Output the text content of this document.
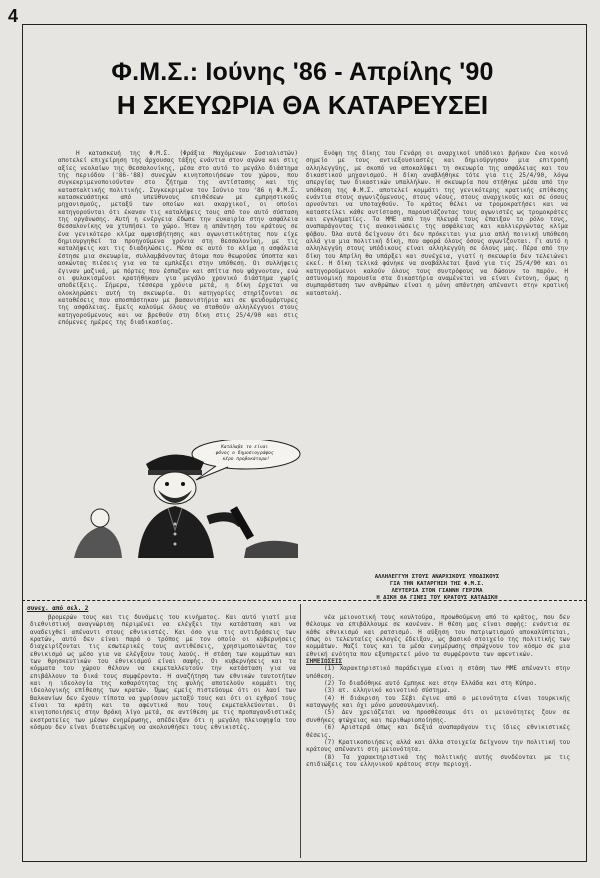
4
Φ.Μ.Σ.: Ιούνης '86 - Απρίλης '90
Η ΣΚΕΥΩΡΙΑ ΘΑ ΚΑΤΑΡΕΥΣΕΙ

Η κατασκευή της Φ.Μ.Σ. (Φράξια Μαχόμενων Σοσιαλιστών) αποτελεί επιχείρηση της άρχουσας τάξης ενάντια στον αγώνα και στις αξίες νεολαίων της Θεσσαλονίκης, μέσα στο αυτό το μεγάλο διάστημα της περιόδου ('86-'88) συνεχών κινητοποιήσεων του χώρου, που συγκεκριμενοποιούνταν στο ζήτημα της αντίστασης και της κατασταλτικής πολιτικής. Συγκεκριμένα τον Ιούνιο του '86 η Φ.Μ.Σ. κατασκευάστηκε από υπεύθυνους επιθέσεων με εμπρηστικούς μηχανισμούς, μεταξύ των οποίων και ακαρχικοί, οι οποίοι κατηγορούνται ότι έκαναν τις καταλήψεις τους από τον αυτό σύσταση της οργάνωσης. Αυτή η ενέργεια έδωσε την ευκαιρία στην ασφάλεια Θεσσαλονίκης να χτυπήσει το χώρο. Ήταν η απάντηση του κράτους σε ένα γενικότερο κλίμα αμφισβήτησης και αγωνιστικότητας που είχε δημιουργηθεί τα προηγούμενα χρόνια στη Θεσσαλονίκη, με τις καταλήψεις και τις διαδηλώσεις. Μέσα σε αυτό το κλίμα η ασφάλεια έστησε μια σκευωρία, συλλαμβάνοντας άτομα που θεωρούσε ύποπτα και ασκώντας πιέσεις για να τα εμπλέξει στην υπόθεση. Οι συλλήψεις έγιναν μαζικά, με πόρτες που έσπαζαν και σπίτια που ψάχνονταν, ενώ οι φυλακισμένοι κρατήθηκαν για μεγάλο χρονικό διάστημα χωρίς αποδείξεις. Σήμερα, τέσσερα χρόνια μετά, η δίκη έρχεται να ολοκληρώσει αυτή τη σκευωρία. Οι κατηγορίες στηρίζονται σε καταθέσεις που αποσπάστηκαν με βασανιστήρια και σε ψευδομάρτυρες της ασφάλειας. Εμείς καλούμε όλους να σταθούν αλληλέγγυοι στους κατηγορούμενους και να βρεθούν στη δίκη στις 25/4/90 και στις επόμενες ημέρες της διαδικασίας.

Ενόψη της δίκης του Γενάρη οι αναρχικοί υπόδικοι βρήκαν ένα κοινό σημείο με τους αντιεξουσιαστές και δημιούργησαν μια επιτροπή αλληλεγγύης, με σκοπό να αποκαλύψει τη σκευωρία της ασφάλειας και του δικαστικού μηχανισμού. Η δίκη αναβλήθηκε τότε για τις 25/4/90, λόγω απεργίας των δικαστικών υπαλλήλων. Η σκευωρία που στήθηκε μέσα από την υπόθεση της Φ.Μ.Σ. αποτελεί κομμάτι της γενικότερης κρατικής επίθεσης ενάντια στους αγωνιζόμενους, στους νέους, στους αναρχικούς και σε όσους αρνούνται να υποταχθούν. Το κράτος θέλει να τρομοκρατήσει και να καταστείλει κάθε αντίσταση, παρουσιάζοντας τους αγωνιστές ως τρομοκράτες και εγκληματίες. Τα ΜΜΕ από την πλευρά τους έπαιξαν το ρόλο τους, αναπαράγοντας τις ανακοινώσεις της ασφάλειας και καλλιεργώντας κλίμα φόβου. Όλα αυτά δείχνουν ότι δεν πρόκειται για μια απλή ποινική υπόθεση αλλά για μια πολιτική δίκη, που αφορά όλους όσους αγωνίζονται. Γι αυτό η αλληλεγγύη στους υπόδικους είναι αλληλεγγύη σε όλους μας. Πέρα από την δίκη του Απρίλη θα υπάρξει και συνέχεια, γιατί η σκευωρία δεν τελειώνει εκεί. Η δίκη τελικά φάνηκε να αναβάλλεται ξανά για τις 25/4/90 και οι κατηγορούμενοι καλούν όλους τους συντρόφους να δώσουν το παρόν. Η αστυνομική παρουσία στα δικαστήρια αναμένεται να είναι έντονη, όμως η συμπαράσταση των ανθρώπων είναι η μόνη απάντηση απέναντι στην κρατική καταστολή.

Κατάλαβε το είναι φόνος ο δημοσιογράφος κέρο προβοκάτορα!
ΑΛΛΗΛΕΓΓΥΗ ΣΤΟΥΣ ΑΝΑΡΧΙΚΟΥΣ ΥΠΟΔΙΚΟΥΣ
ΓΙΑ ΤΗΝ ΚΑΤΑΡΓΗΣΗ ΤΗΣ Φ.Μ.Σ.
ΛΕΥΤΕΡΙΑ ΣΤΟΝ ΓΙΑΝΝΗ ΓΕΡΙΜΑ
Η ΔΙΚΗ ΘΑ ΓΙΝΕΙ ΤΟΥ ΚΡΑΤΟΥΣ ΚΑΤΑΔΙΚΗ
συνεχ. από σελ. 2

βρομερών τους και τις δυνάμεις του κινήματος. Και αυτό γιατί μια διεθνιστική αναγνώριση περιμένει να ελέγξει την κατάσταση και να αναδειχθεί απέναντι στους εθνικιστές. Και όσο για τις αντιδράσεις των κρατών, αυτό δεν είναι παρά ο τρόπος με τον οποίο οι κυβερνήσεις διαχειρίζονται τις εσωτερικές τους αντιθέσεις, χρησιμοποιώντας τον εθνικισμό ως μέσο για να ελέγξουν τους λαούς. Η στάση των κομμάτων και των θρησκευτικών του εθνικισμού είναι σαφής. Οι κυβερνήσεις και τα κόμματα του χώρου θέλουν να εκμεταλλευτούν την κατάσταση για να επιβάλλουν τα δικά τους συμφέροντα. Η αναζήτηση των εθνικών ταυτοτήτων και η ιδεολογία της καθαρότητας της φυλής αποτελούν κομμάτι της ιδεολογικής επίθεσης των κρατών. Όμως εμείς πιστεύουμε ότι οι λαοί των Βαλκανίων δεν έχουν τίποτα να χωρίσουν μεταξύ τους και ότι οι εχθροί τους είναι τα κράτη και τα αφεντικά που τους εκμεταλλεύονται. Οι κινητοποιήσεις στην Θράκη λίγο μετά, σε αντίθεση με τις προπαγανδιστικές εκστρατείες των μέσων ενημέρωσης, απέδειξαν ότι η μεγάλη πλειοψηφία του κόσμου δεν είναι διατεθειμένη να ακολουθήσει τους εθνικιστές.

νέα μειονοτική τους κουλτούρα, προωθούμενη από το κράτος, που δεν θέλουμε να επιβάλλουμε σε κανέναν. Η θέση μας είναι σαφής: ενάντια σε κάθε εθνικισμό και ρατσισμό. Η αύξηση του πατριωτισμού αποκαλύπτεται, όπως οι τελευταίες εκλογές έδειξαν, ως βασικό στοιχείο της πολιτικής των κομμάτων. Μαζί τους και τα μέσα ενημέρωσης σπρώχνουν τον κόσμο σε μια εθνική ενότητα που εξυπηρετεί μόνο τα συμφέροντα των αφεντικών.

ΣΗΜΕΙΩΣΕΙΣ

(1) Χαρακτηριστικό παράδειγμα είναι η στάση των ΜΜΕ απέναντι στην υπόθεση.

(2) Το διαδόθηκε αυτό έμπηκε και στην Ελλάδα και στη Κύπρο.

(3) ατ. ελληνικό κοινοτικό σύστημα.

(4) Η διάκριση του Σέβι έγινε από ο μειονότητα είναι τουρκικής καταγωγής και όχι μόνο μουσουλμανική.

(5) Δεν χρειάζεται να προσθέσουμε ότι οι μειονότητες ζουν σε συνθήκες φτώχειας και περιθωριοποίησης.

(6) Αριστερά όπως και δεξιά αναπαράγουν τις ίδιες εθνικιστικές θέσεις.

(7) Κρατικοποιήσεις αλλά και άλλα στοιχεία δείχνουν την πολιτική του κράτους απέναντι στη μειονότητα.

(8) Τα χαρακτηριστικά της πολιτικής αυτής συνδέονται με τις επιδιώξεις του ελληνικού κράτους στην περιοχή.
